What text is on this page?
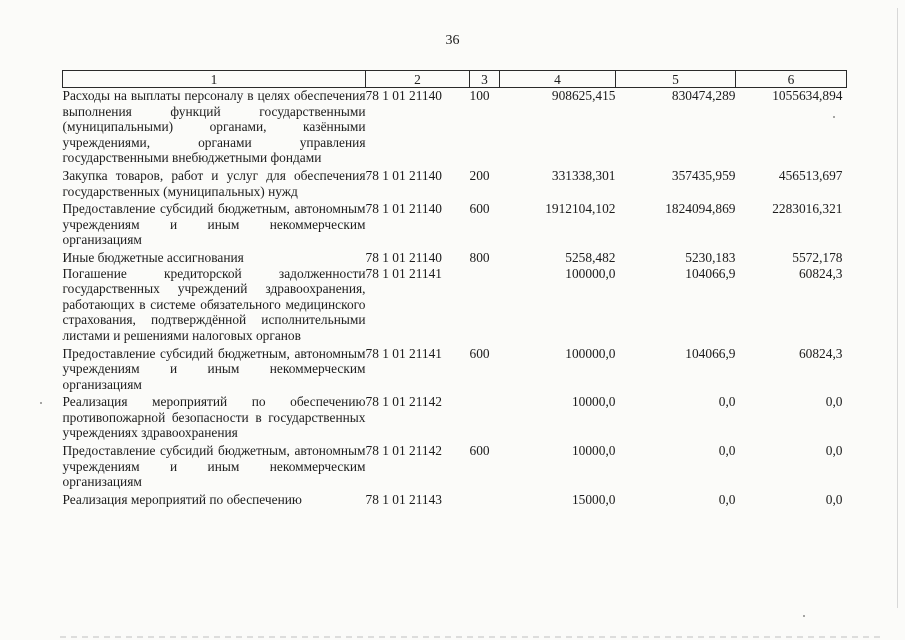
36
1	2	3	4	5	6
Расходы на выплаты персоналу в целях обеспечения выполнения функций государственными (муниципальными) органами, казёнными учреждениями, органами управления государственными внебюджетными фондами	78 1 01 21140	100	908625,415	830474,289	1055634,894
Закупка товаров, работ и услуг для обеспечения государственных (муниципальных) нужд	78 1 01 21140	200	331338,301	357435,959	456513,697
Предоставление субсидий бюджетным, автономным учреждениям и иным некоммерческим организациям	78 1 01 21140	600	1912104,102	1824094,869	2283016,321
Иные бюджетные ассигнования	78 1 01 21140	800	5258,482	5230,183	5572,178
Погашение кредиторской задолженности государственных учреждений здравоохранения, работающих в системе обязательного медицинского страхования, подтверждённой исполнительными листами и решениями налоговых органов	78 1 01 21141		100000,0	104066,9	60824,3
Предоставление субсидий бюджетным, автономным учреждениям и иным некоммерческим организациям	78 1 01 21141	600	100000,0	104066,9	60824,3
Реализация мероприятий по обеспечению противопожарной безопасности в государственных учреждениях здравоохранения	78 1 01 21142		10000,0	0,0	0,0
Предоставление субсидий бюджетным, автономным учреждениям и иным некоммерческим организациям	78 1 01 21142	600	10000,0	0,0	0,0
Реализация мероприятий по обеспечению	78 1 01 21143		15000,0	0,0	0,0
